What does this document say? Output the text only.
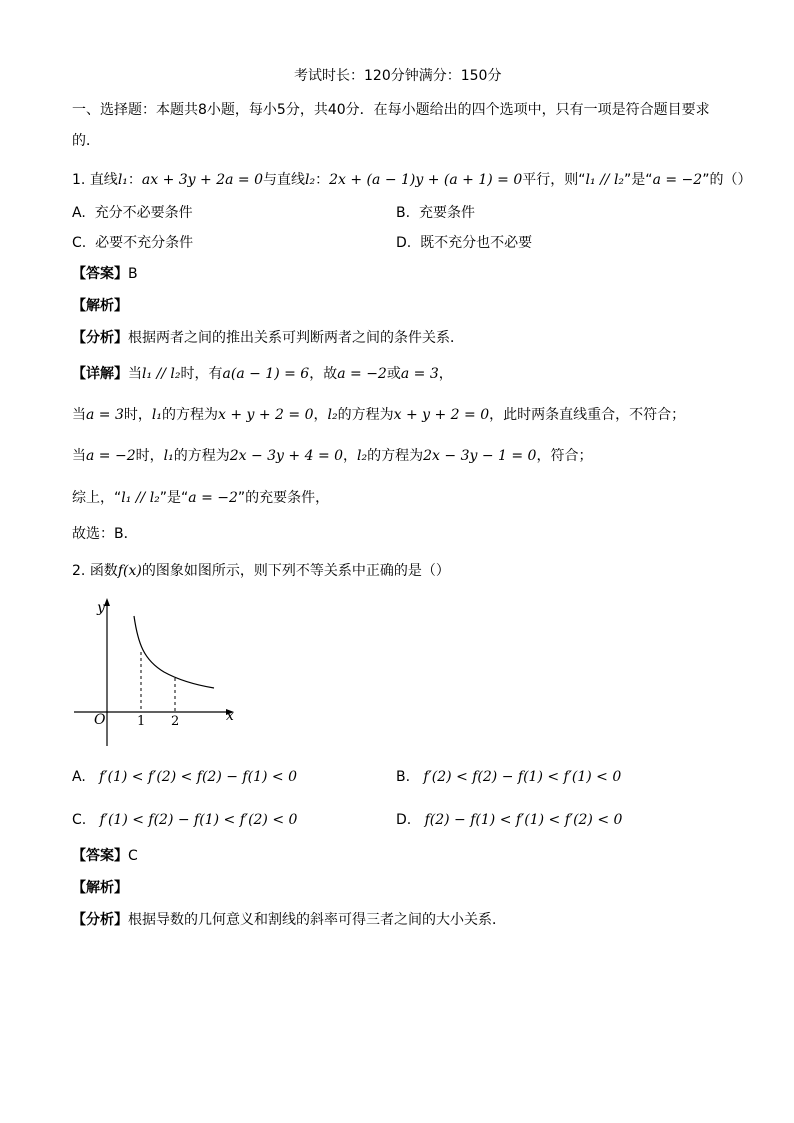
考试时长：120分钟满分：150分
一、选择题：本题共8小题，每小5分，共40分．在每小题给出的四个选项中，只有一项是符合题目要求
的．
1. 直线l₁：ax + 3y + 2a = 0与直线l₂：2x + (a − 1)y + (a + 1) = 0平行，则“l₁ // l₂”是“a = −2”的（）
A. 充分不必要条件	B. 充要条件
C. 必要不充分条件	D. 既不充分也不必要
【答案】B
【解析】
【分析】根据两者之间的推出关系可判断两者之间的条件关系．
【详解】当l₁ // l₂时，有a(a − 1) = 6，故a = −2或a = 3，
当a = 3时，l₁的方程为x + y + 2 = 0，l₂的方程为x + y + 2 = 0，此时两条直线重合，不符合；
当a = −2时，l₁的方程为2x − 3y + 4 = 0，l₂的方程为2x − 3y − 1 = 0，符合；
综上，“l₁ // l₂”是“a = −2”的充要条件，
故选：B．
2. 函数f(x)的图象如图所示，则下列不等关系中正确的是（）
y
x
O 1 2
A. f′(1) < f′(2) < f(2) − f(1) < 0	B. f′(2) < f(2) − f(1) < f′(1) < 0
C. f′(1) < f(2) − f(1) < f′(2) < 0	D. f(2) − f(1) < f′(1) < f′(2) < 0
【答案】C
【解析】
【分析】根据导数的几何意义和割线的斜率可得三者之间的大小关系．
